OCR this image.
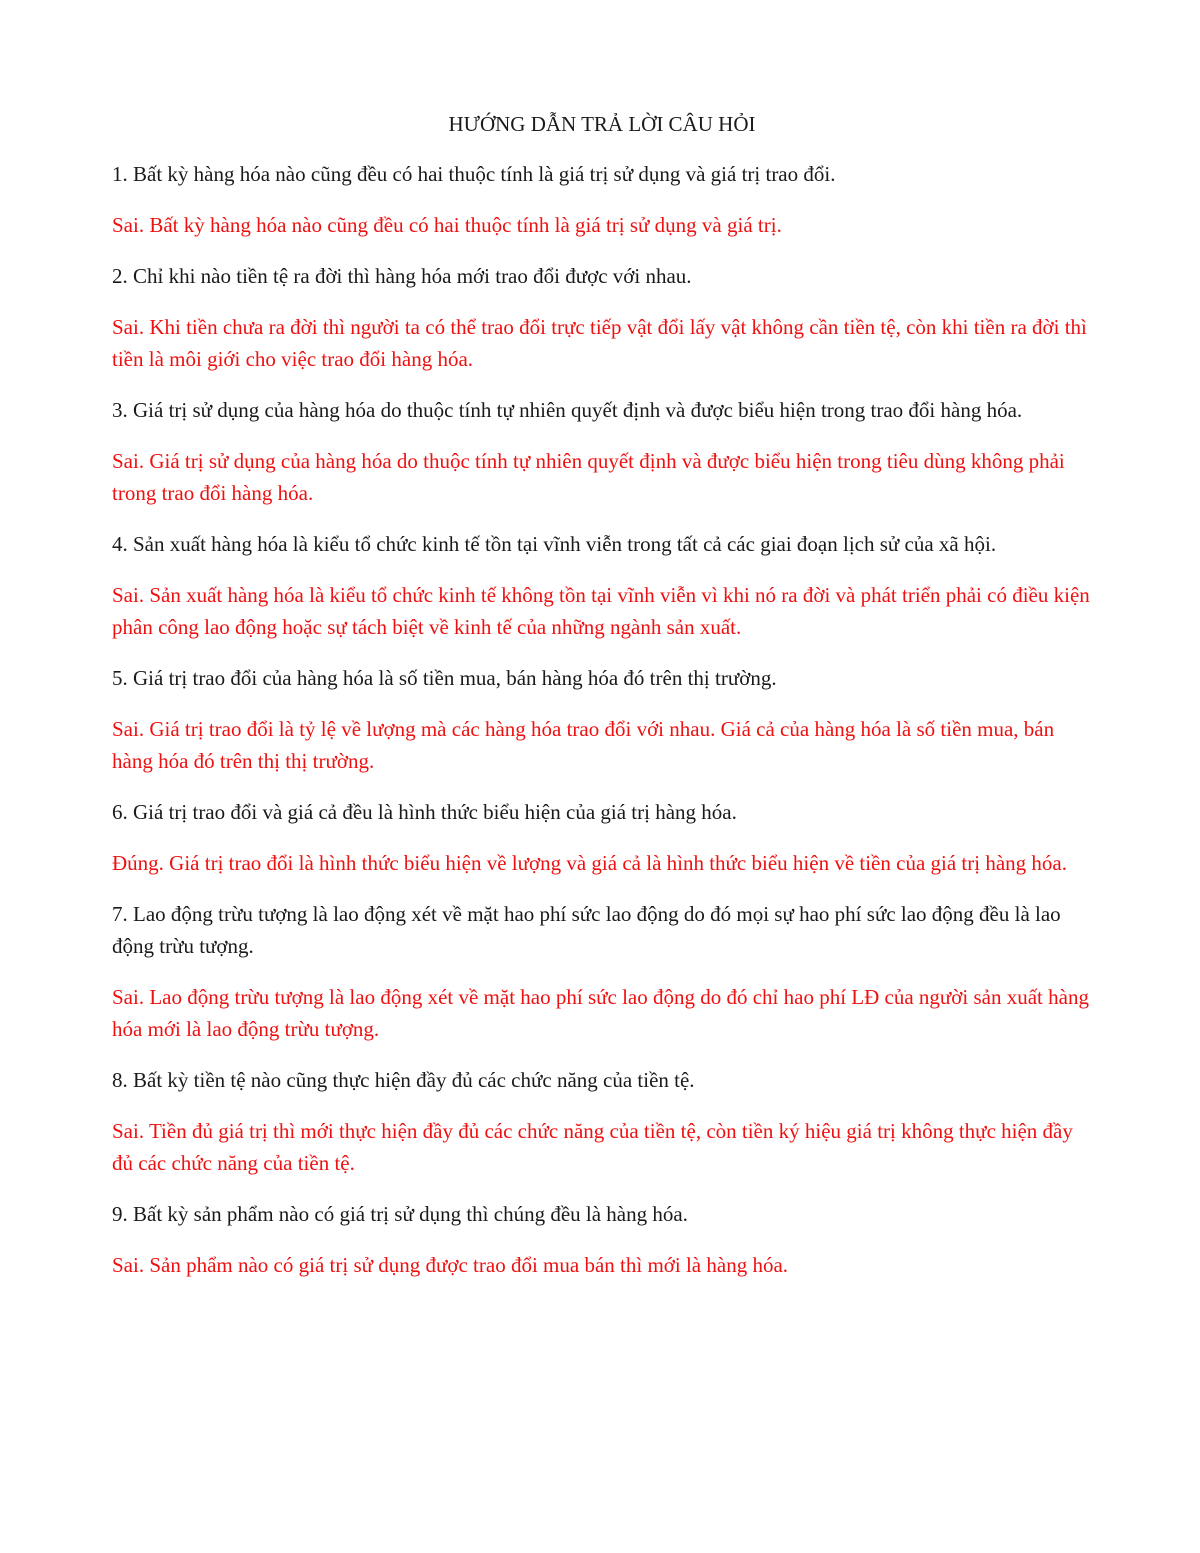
HƯỚNG DẪN TRẢ LỜI CÂU HỎI

1. Bất kỳ hàng hóa nào cũng đều có hai thuộc tính là giá trị sử dụng và giá trị trao đổi.

Sai. Bất kỳ hàng hóa nào cũng đều có hai thuộc tính là giá trị sử dụng và giá trị.

2. Chỉ khi nào tiền tệ ra đời thì hàng hóa mới trao đổi được với nhau.

Sai. Khi tiền chưa ra đời thì người ta có thể trao đổi trực tiếp vật đổi lấy vật không cần tiền tệ, còn khi tiền ra đời thì tiền là môi giới cho việc trao đổi hàng hóa.

3. Giá trị sử dụng của hàng hóa do thuộc tính tự nhiên quyết định và được biểu hiện trong trao đổi hàng hóa.

Sai. Giá trị sử dụng của hàng hóa do thuộc tính tự nhiên quyết định và được biểu hiện trong tiêu dùng không phải trong trao đổi hàng hóa.

4. Sản xuất hàng hóa là kiểu tổ chức kinh tế tồn tại vĩnh viễn trong tất cả các giai đoạn lịch sử của xã hội.

Sai. Sản xuất hàng hóa là kiểu tổ chức kinh tế không tồn tại vĩnh viễn vì khi nó ra đời và phát triển phải có điều kiện phân công lao động hoặc sự tách biệt về kinh tế của những ngành sản xuất.

5. Giá trị trao đổi của hàng hóa là số tiền mua, bán hàng hóa đó trên thị trường.

Sai. Giá trị trao đổi là tỷ lệ về lượng mà các hàng hóa trao đổi với nhau. Giá cả của hàng hóa là số tiền mua, bán hàng hóa đó trên thị thị trường.

6. Giá trị trao đổi và giá cả đều là hình thức biểu hiện của giá trị hàng hóa.

Đúng. Giá trị trao đổi là hình thức biểu hiện về lượng và giá cả là hình thức biểu hiện về tiền của giá trị hàng hóa.

7. Lao động trừu tượng là lao động xét về mặt hao phí sức lao động do đó mọi sự hao phí sức lao động đều là lao động trừu tượng.

Sai. Lao động trừu tượng là lao động xét về mặt hao phí sức lao động do đó chỉ hao phí LĐ của người sản xuất hàng hóa mới là lao động trừu tượng.

8. Bất kỳ tiền tệ nào cũng thực hiện đầy đủ các chức năng của tiền tệ.

Sai. Tiền đủ giá trị thì mới thực hiện đầy đủ các chức năng của tiền tệ, còn tiền ký hiệu giá trị không thực hiện đầy đủ các chức năng của tiền tệ.

9. Bất kỳ sản phẩm nào có giá trị sử dụng thì chúng đều là hàng hóa.

Sai. Sản phẩm nào có giá trị sử dụng được trao đổi mua bán thì mới là hàng hóa.
